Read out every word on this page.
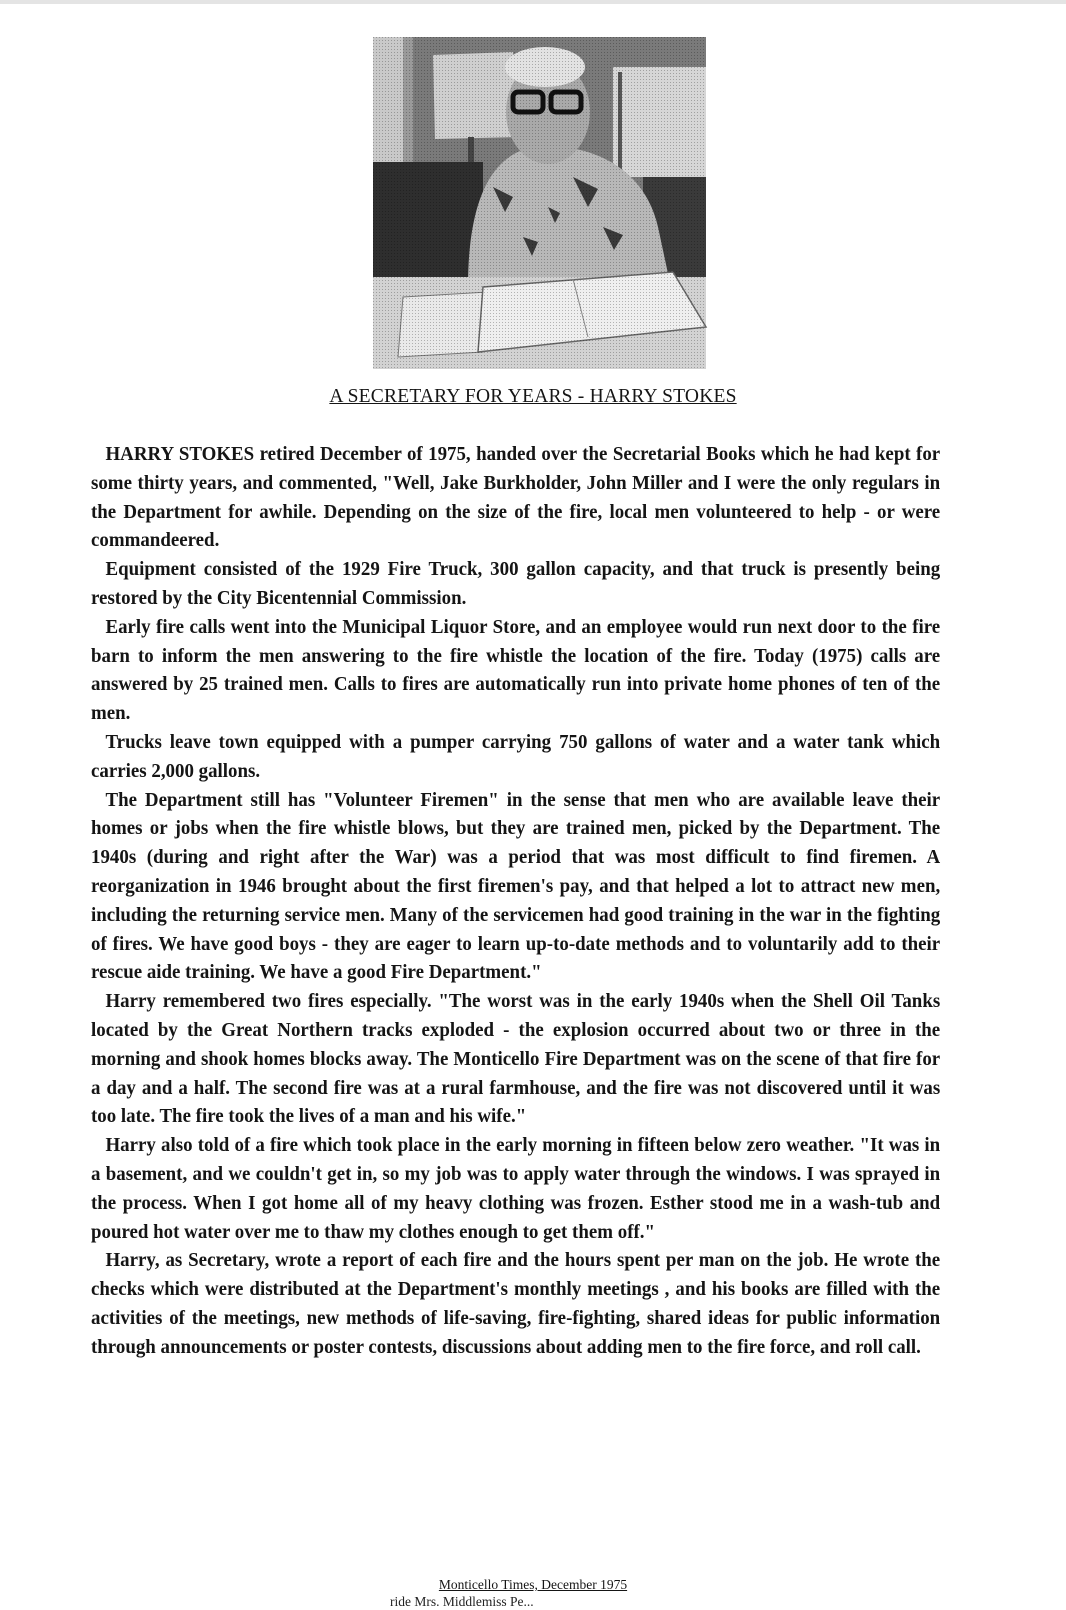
A SECRETARY FOR YEARS - HARRY STOKES

HARRY STOKES retired December of 1975, handed over the Secretarial Books which he had kept for some thirty years, and commented, "Well, Jake Burkholder, John Miller and I were the only regulars in the Department for awhile. Depending on the size of the fire, local men volunteered to help - or were commandeered.

Equipment consisted of the 1929 Fire Truck, 300 gallon capacity, and that truck is presently being restored by the City Bicentennial Commission.

Early fire calls went into the Municipal Liquor Store, and an employee would run next door to the fire barn to inform the men answering to the fire whistle the location of the fire. Today (1975) calls are answered by 25 trained men. Calls to fires are automatically run into private home phones of ten of the men.

Trucks leave town equipped with a pumper carrying 750 gallons of water and a water tank which carries 2,000 gallons.

The Department still has "Volunteer Firemen" in the sense that men who are available leave their homes or jobs when the fire whistle blows, but they are trained men, picked by the Department. The 1940s (during and right after the War) was a period that was most difficult to find firemen. A reorganization in 1946 brought about the first firemen's pay, and that helped a lot to attract new men, including the returning service men. Many of the servicemen had good training in the war in the fighting of fires. We have good boys - they are eager to learn up-to-date methods and to voluntarily add to their rescue aide training. We have a good Fire Department."

Harry remembered two fires especially. "The worst was in the early 1940s when the Shell Oil Tanks located by the Great Northern tracks exploded - the explosion occurred about two or three in the morning and shook homes blocks away. The Monticello Fire Department was on the scene of that fire for a day and a half. The second fire was at a rural farmhouse, and the fire was not discovered until it was too late. The fire took the lives of a man and his wife."

Harry also told of a fire which took place in the early morning in fifteen below zero weather. "It was in a basement, and we couldn't get in, so my job was to apply water through the windows. I was sprayed in the process. When I got home all of my heavy clothing was frozen. Esther stood me in a wash-tub and poured hot water over me to thaw my clothes enough to get them off."

Harry, as Secretary, wrote a report of each fire and the hours spent per man on the job. He wrote the checks which were distributed at the Department's monthly meetings , and his books are filled with the activities of the meetings, new methods of life-saving, fire-fighting, shared ideas for public information through announcements or poster contests, discussions about adding men to the fire force, and roll call.

Monticello Times, December 1975
ride Mrs. Middlemiss Pe...
